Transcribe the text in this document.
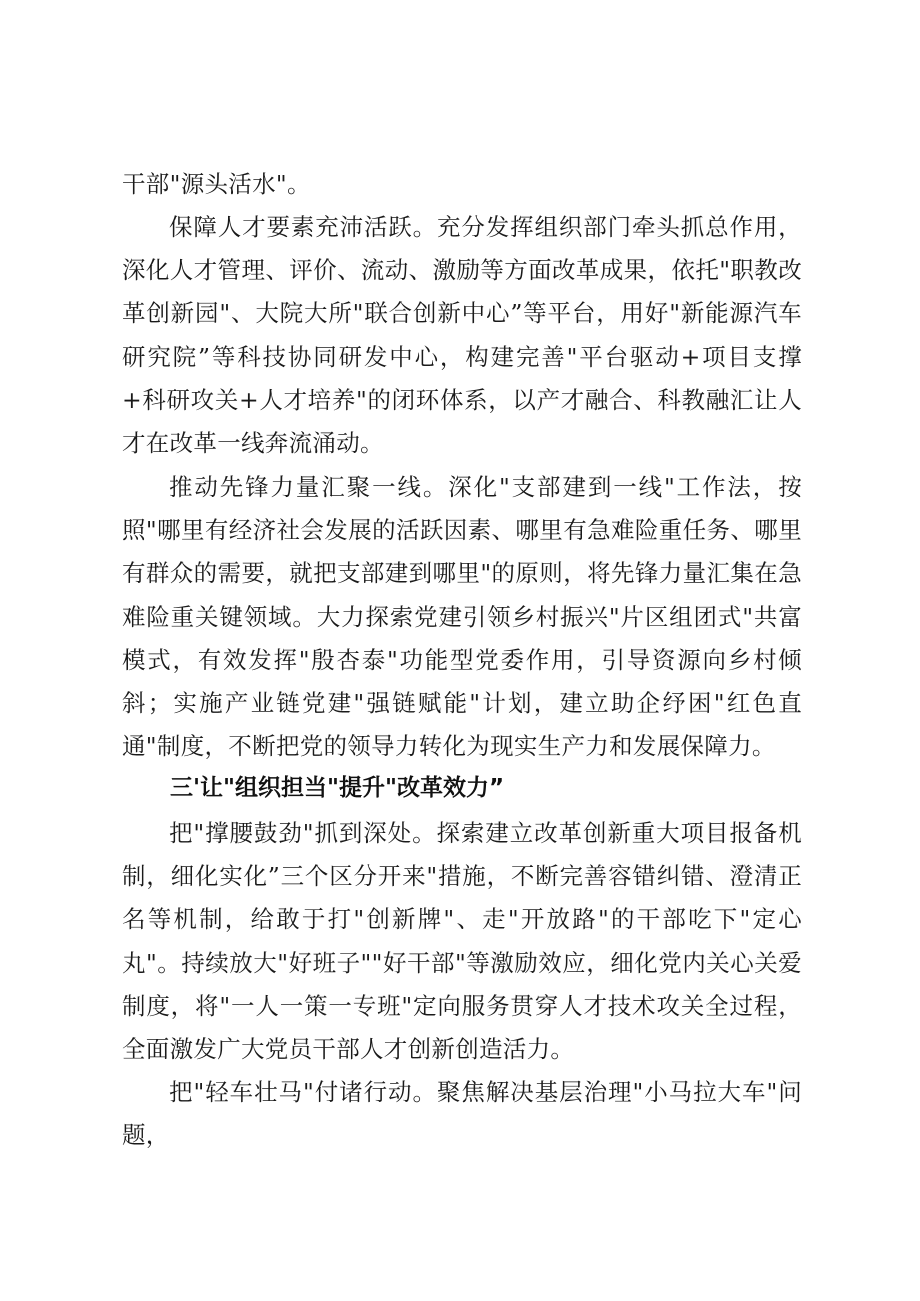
干部"源头活水"。

保障人才要素充沛活跃。充分发挥组织部门牵头抓总作用，深化人才管理、评价、流动、激励等方面改革成果，依托"职教改革创新园"、大院大所"联合创新中心”等平台，用好"新能源汽车研究院”等科技协同研发中心，构建完善"平台驱动+项目支撑+科研攻关+人才培养"的闭环体系，以产才融合、科教融汇让人才在改革一线奔流涌动。

推动先锋力量汇聚一线。深化"支部建到一线"工作法，按照"哪里有经济社会发展的活跃因素、哪里有急难险重任务、哪里有群众的需要，就把支部建到哪里"的原则，将先锋力量汇集在急难险重关键领域。大力探索党建引领乡村振兴"片区组团式"共富模式，有效发挥"殷杏泰"功能型党委作用，引导资源向乡村倾斜；实施产业链党建"强链赋能"计划，建立助企纾困"红色直通"制度，不断把党的领导力转化为现实生产力和发展保障力。

三'让"组织担当"提升"改革效力”

把"撑腰鼓劲"抓到深处。探索建立改革创新重大项目报备机制，细化实化”三个区分开来"措施，不断完善容错纠错、澄清正名等机制，给敢于打"创新牌"、走"开放路"的干部吃下"定心丸"。持续放大"好班子""好干部"等激励效应，细化党内关心关爱制度，将"一人一策一专班"定向服务贯穿人才技术攻关全过程，全面激发广大党员干部人才创新创造活力。

把"轻车壮马"付诸行动。聚焦解决基层治理"小马拉大车"问题，
